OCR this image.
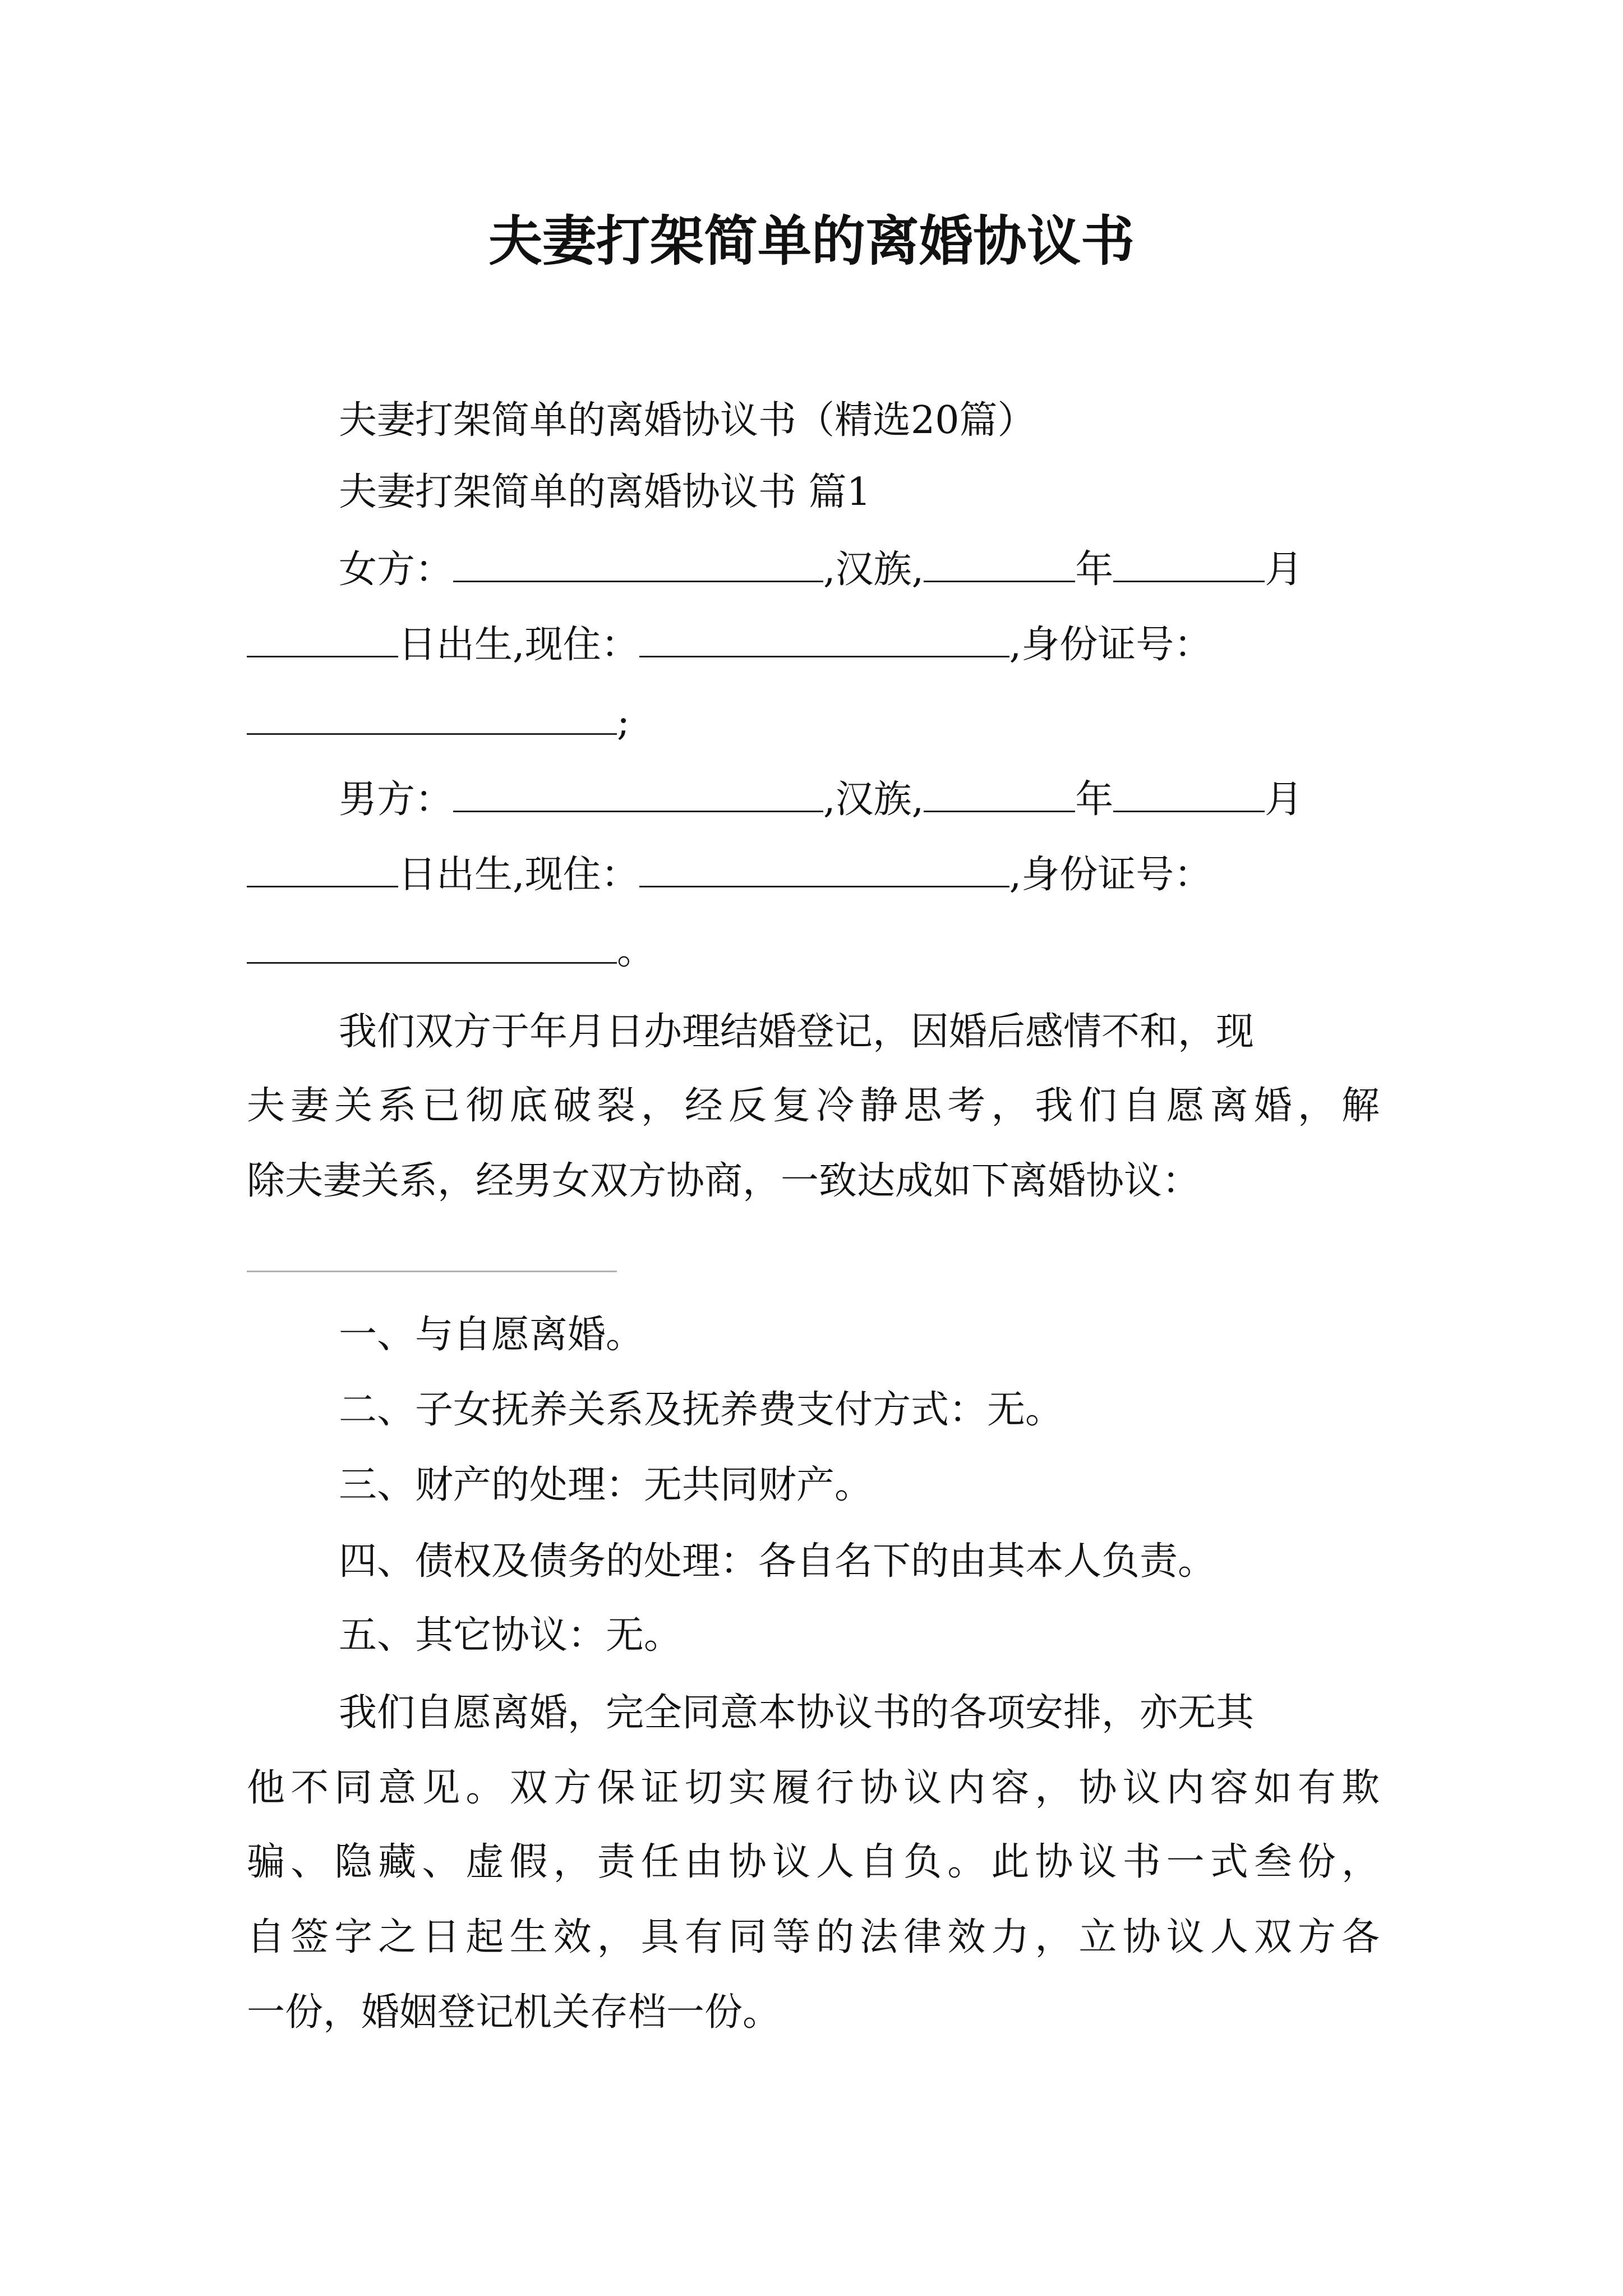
夫妻打架简单的离婚协议书

夫妻打架简单的离婚协议书（精选20篇）

夫妻打架简单的离婚协议书 篇1

女方：	,汉族,	年	月

日出生,现住：	,身份证号：

;

男方：	,汉族,	年	月

日出生,现住：	,身份证号：

。

我们双方于年月日办理结婚登记，因婚后感情不和，现

夫妻关系已彻底破裂，经反复冷静思考，我们自愿离婚，解

除夫妻关系，经男女双方协商，一致达成如下离婚协议：

一、与自愿离婚。

二、子女抚养关系及抚养费支付方式：无。

三、财产的处理：无共同财产。

四、债权及债务的处理：各自名下的由其本人负责。

五、其它协议：无。

我们自愿离婚，完全同意本协议书的各项安排，亦无其

他不同意见。双方保证切实履行协议内容，协议内容如有欺

骗、隐藏、虚假，责任由协议人自负。此协议书一式叁份，

自签字之日起生效，具有同等的法律效力，立协议人双方各

一份，婚姻登记机关存档一份。
